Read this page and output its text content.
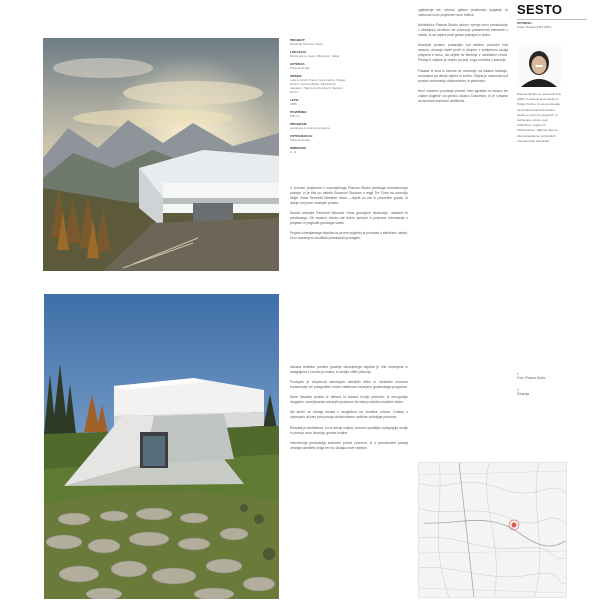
SESTO
AVTORJA:
Paolo Ducato (LBX ARC)
PROJEKT:
Reinhold Messner Haus
LOKACIJA:
Monte Elmo, Sesto (Bolzano), Italija
AVTORJA:
Plasma Studio
OBSEG:
Lola in Ulrich Krimm, Eva Castro, Holger Kehne, Andrea Balbo, Michela Di Gaetano, Hanna Aschenbach, Stefano Pezzi
LETO:
2005
POVRŠINA:
500 m²
PROGRAM:
gostinska in poslovna stavba
FOTOGRAFIJA:
Plasma Studio
PRIPRAVIL:
A. D.
Z izvirnim projektom v vzpenjalnega Plasma Studio predlaga rekonstrukcijo postaje, ki je bila po načrtih Emanuel Stoduno v regiji Tre Cime na območju Italije. Nova Reinhold Messner Haus – objekt za vse in posvečen goram, ki deluje kot pravi muzejski prostor.

Stavbo starejše Reinhold Messner Haus gostujoče ekskurzije, razstave in predavanja. Ob vsakem obisku ste dobro sprejeti in prejmete informacije o projektu in pogledih gorskega sveta.

Projekt vzpenjalnega objekta na prvem pogledu je povezan s številnimi ukrepi, ki so namenjeni okoliškim planinskim postajam.
oglenjenje ele, stronoi, glavne prostorsko spajanje: bi vseboval nove projektne nove rešitve.

Arhitektura Plasma Studio skrbno vpenja novo konstrukcijo v obstoječo strukturo ter povezuje posamezne elemente v celoto, ki se odpira proti gorski pokrajini in dolini.

Muzejski prostor, postavljen kot steklen volumen nad osnovo, ohranja nizek profil in skupno z arhitekturo okolja prispeva k temu, da objekt ne tekmuje z okoliškimi vrhovi. Pristop k objektu je urejen po poti, ki ga umešča v pobočje.

Fasada iz lesa in kamna se navezuje na lokalno tradicijo, notranjost pa deluje odprto in svetlo. Objekt je zasnovan kot prostor srečevanja obiskovalcev in planincev.

Novi volumen poudarja prehod med zgradbo in naravo ter odpira poglede na gorsko okolico Dolomitov, ki je vpisana na seznam svetovne dediščine.
Plasma Studio so ustanovili leta 2000 v Londonu Eva Castro in Holger Kehne, ki sta poučevala na Architectural Association. Studio je znan po projektih, ki raziskujejo odnos med arhitekturo, krajino in infrastrukturo. Njihova dela so bila razstavljena na številnih mednarodnih razstavah.
Izbrana estetika prvotne gradnje obstoječega objekta je bila ohranjena in nadgrajena z novimi prvinami, ki sledijo obliki pobočja.

Postopek je vključeval zamenjavo starejših delov in ohranitev osnovne konstrukcije ter prilagoditev novim zahtevam muzeja in gostinskega programa.

Nove fasadne plošče iz betona in kamna tvorijo prelome, ki omogočajo drugačno osvetljevanje notranjih prostorov ter dajejo objektu značilen videz.

Na strehi se nahaja terasa z razgledom na okoliške vrhove. Dostop z vzpenjačo ali peš poti ponuja obiskovalcem različne doživljaje prostora.

Rezultat je arhitektura, ki ne deluje vsiljivo, temveč spoštljivo nadgrajuje okolje in ponuja novo izkušnjo gorske krajine.

Intervencija predstavlja sodoben primer prenove, ki s preudarnimi posegi ohranja identiteto kraja ter mu dodaja nove vsebine.
1
Foto: Plasma Studio
2
Situacija
